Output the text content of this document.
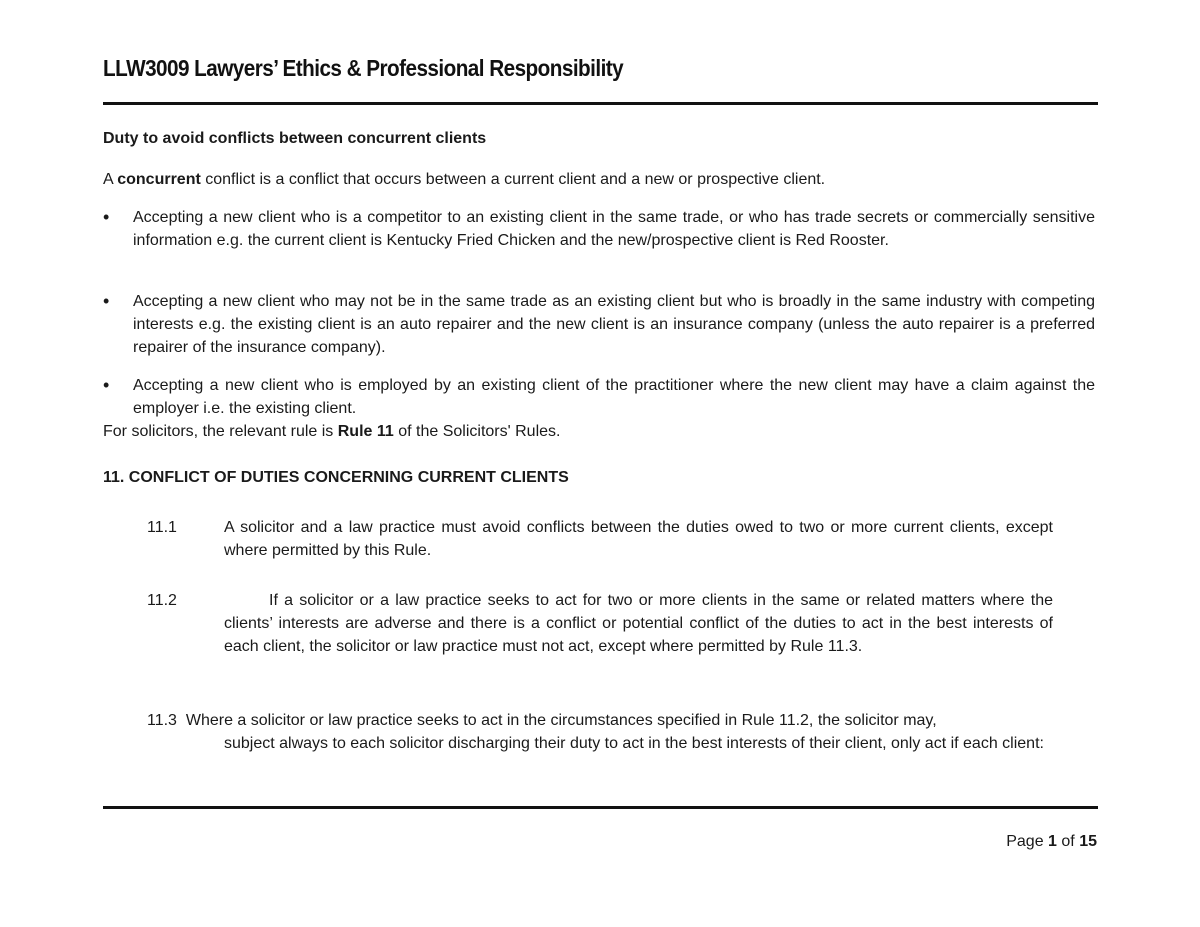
LLW3009 Lawyers’ Ethics & Professional Responsibility
Duty to avoid conflicts between concurrent clients
A concurrent conflict is a conflict that occurs between a current client and a new or prospective client.
•
Accepting a new client who is a competitor to an existing client in the same trade, or who has trade secrets or commercially sensitive information e.g. the current client is Kentucky Fried Chicken and the new/prospective client is Red Rooster.
•
Accepting a new client who may not be in the same trade as an existing client but who is broadly in the same industry with competing interests e.g. the existing client is an auto repairer and the new client is an insurance company (unless the auto repairer is a preferred repairer of the insurance company).
•
Accepting a new client who is employed by an existing client of the practitioner where the new client may have a claim against the employer i.e. the existing client.
For solicitors, the relevant rule is Rule 11 of the Solicitors' Rules.
11. CONFLICT OF DUTIES CONCERNING CURRENT CLIENTS
11.1	A solicitor and a law practice must avoid conflicts between the duties owed to two or more current clients, except where permitted by this Rule.
11.2	If a solicitor or a law practice seeks to act for two or more clients in the same or related matters where the clients’ interests are adverse and there is a conflict or potential conflict of the duties to act in the best interests of each client, the solicitor or law practice must not act, except where permitted by Rule 11.3.
11.3 Where a solicitor or law practice seeks to act in the circumstances specified in Rule 11.2, the solicitor may,
subject always to each solicitor discharging their duty to act in the best interests of their client, only act if each client:
Page 1 of 15
